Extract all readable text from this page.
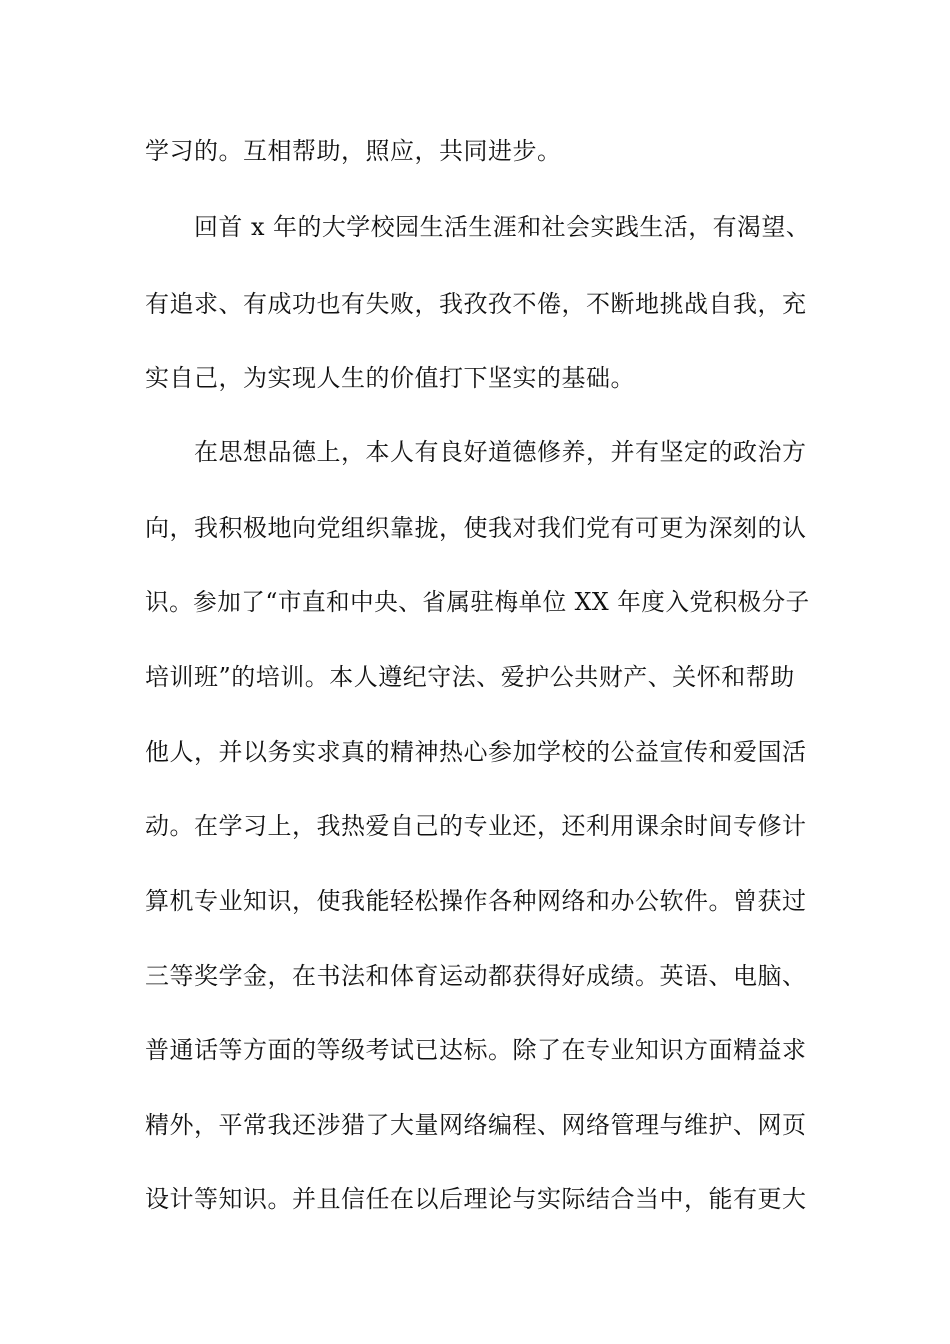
学习的。互相帮助，照应，共同进步。
回首 x 年的大学校园生活生涯和社会实践生活，有渴望、
有追求、有成功也有失败，我孜孜不倦，不断地挑战自我，充
实自己，为实现人生的价值打下坚实的基础。
在思想品德上，本人有良好道德修养，并有坚定的政治方
向，我积极地向党组织靠拢，使我对我们党有可更为深刻的认
识。参加了“市直和中央、省属驻梅单位 XX 年度入党积极分子
培训班”的培训。本人遵纪守法、爱护公共财产、关怀和帮助
他人，并以务实求真的精神热心参加学校的公益宣传和爱国活
动。在学习上，我热爱自己的专业还，还利用课余时间专修计
算机专业知识，使我能轻松操作各种网络和办公软件。曾获过
三等奖学金，在书法和体育运动都获得好成绩。英语、电脑、
普通话等方面的等级考试已达标。除了在专业知识方面精益求
精外，平常我还涉猎了大量网络编程、网络管理与维护、网页
设计等知识。并且信任在以后理论与实际结合当中，能有更大
